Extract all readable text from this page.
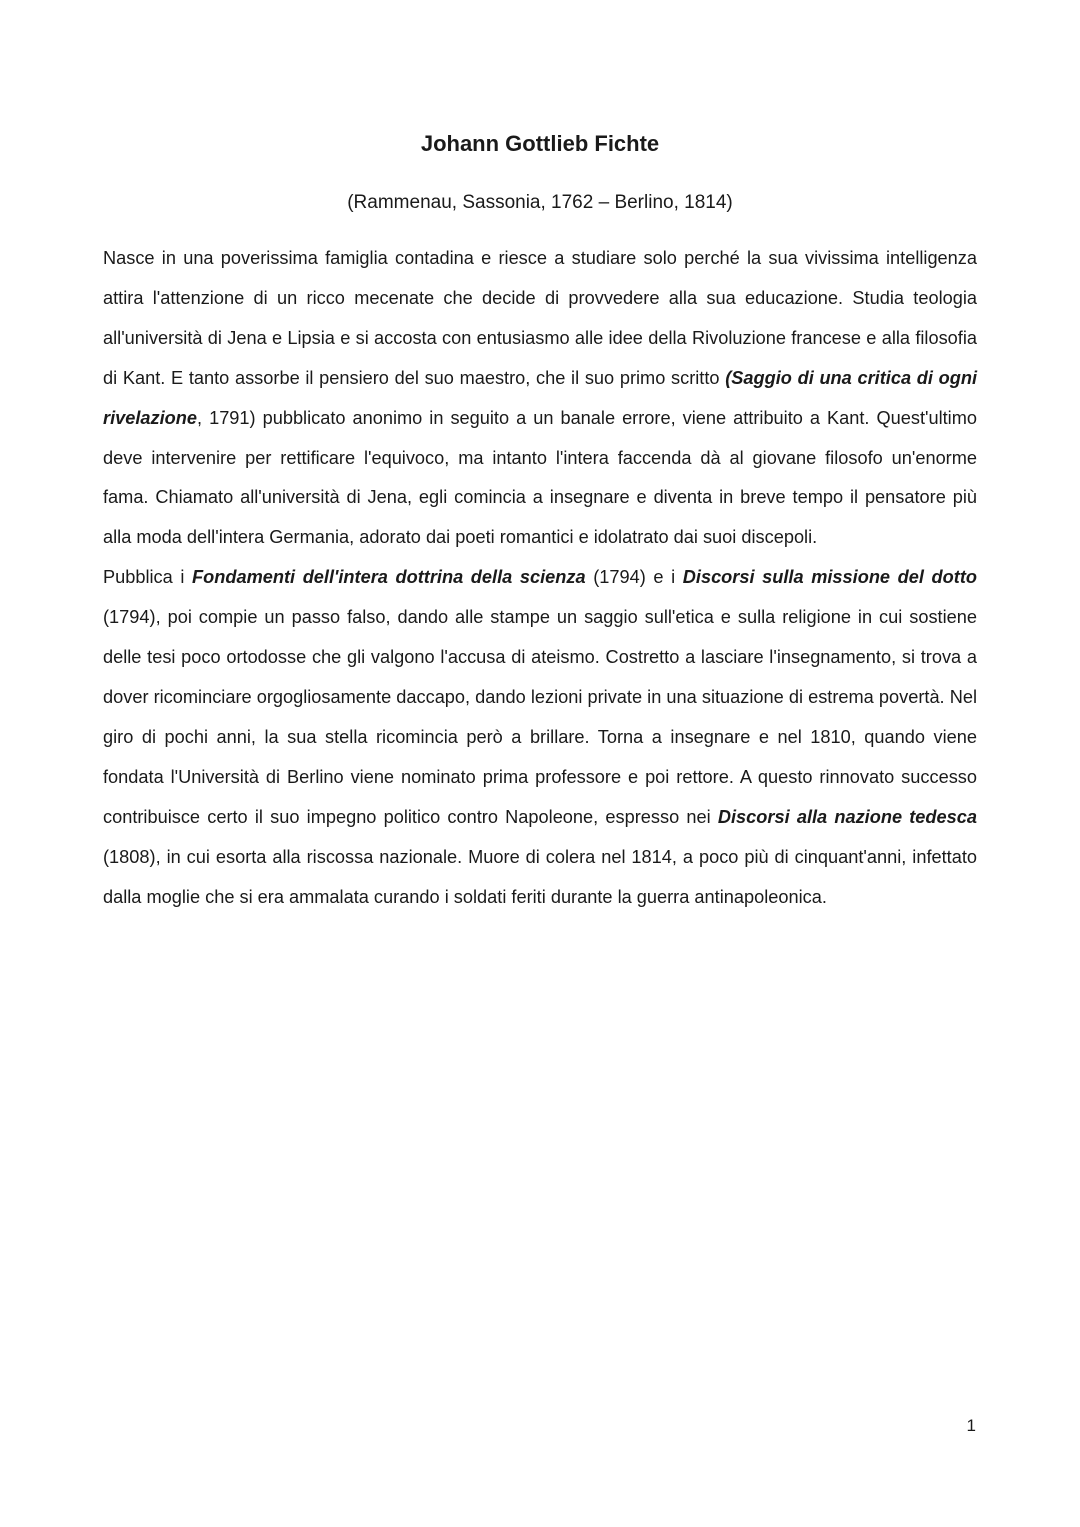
Johann Gottlieb Fichte
(Rammenau, Sassonia, 1762 – Berlino, 1814)

Nasce in una poverissima famiglia contadina e riesce a studiare solo perché la sua vivissima intelligenza attira l'attenzione di un ricco mecenate che decide di provvedere alla sua educazione. Studia teologia all'università di Jena e Lipsia e si accosta con entusiasmo alle idee della Rivoluzione francese e alla filosofia di Kant. E tanto assorbe il pensiero del suo maestro, che il suo primo scritto (Saggio di una critica di ogni rivelazione, 1791) pubblicato anonimo in seguito a un banale errore, viene attribuito a Kant. Quest'ultimo deve intervenire per rettificare l'equivoco, ma intanto l'intera faccenda dà al giovane filosofo un'enorme fama. Chiamato all'università di Jena, egli comincia a insegnare e diventa in breve tempo il pensatore più alla moda dell'intera Germania, adorato dai poeti romantici e idolatrato dai suoi discepoli.

Pubblica i Fondamenti dell'intera dottrina della scienza (1794) e i Discorsi sulla missione del dotto (1794), poi compie un passo falso, dando alle stampe un saggio sull'etica e sulla religione in cui sostiene delle tesi poco ortodosse che gli valgono l'accusa di ateismo. Costretto a lasciare l'insegnamento, si trova a dover ricominciare orgogliosamente daccapo, dando lezioni private in una situazione di estrema povertà. Nel giro di pochi anni, la sua stella ricomincia però a brillare. Torna a insegnare e nel 1810, quando viene fondata l'Università di Berlino viene nominato prima professore e poi rettore. A questo rinnovato successo contribuisce certo il suo impegno politico contro Napoleone, espresso nei Discorsi alla nazione tedesca (1808), in cui esorta alla riscossa nazionale. Muore di colera nel 1814, a poco più di cinquant'anni, infettato dalla moglie che si era ammalata curando i soldati feriti durante la guerra antinapoleonica.

1
